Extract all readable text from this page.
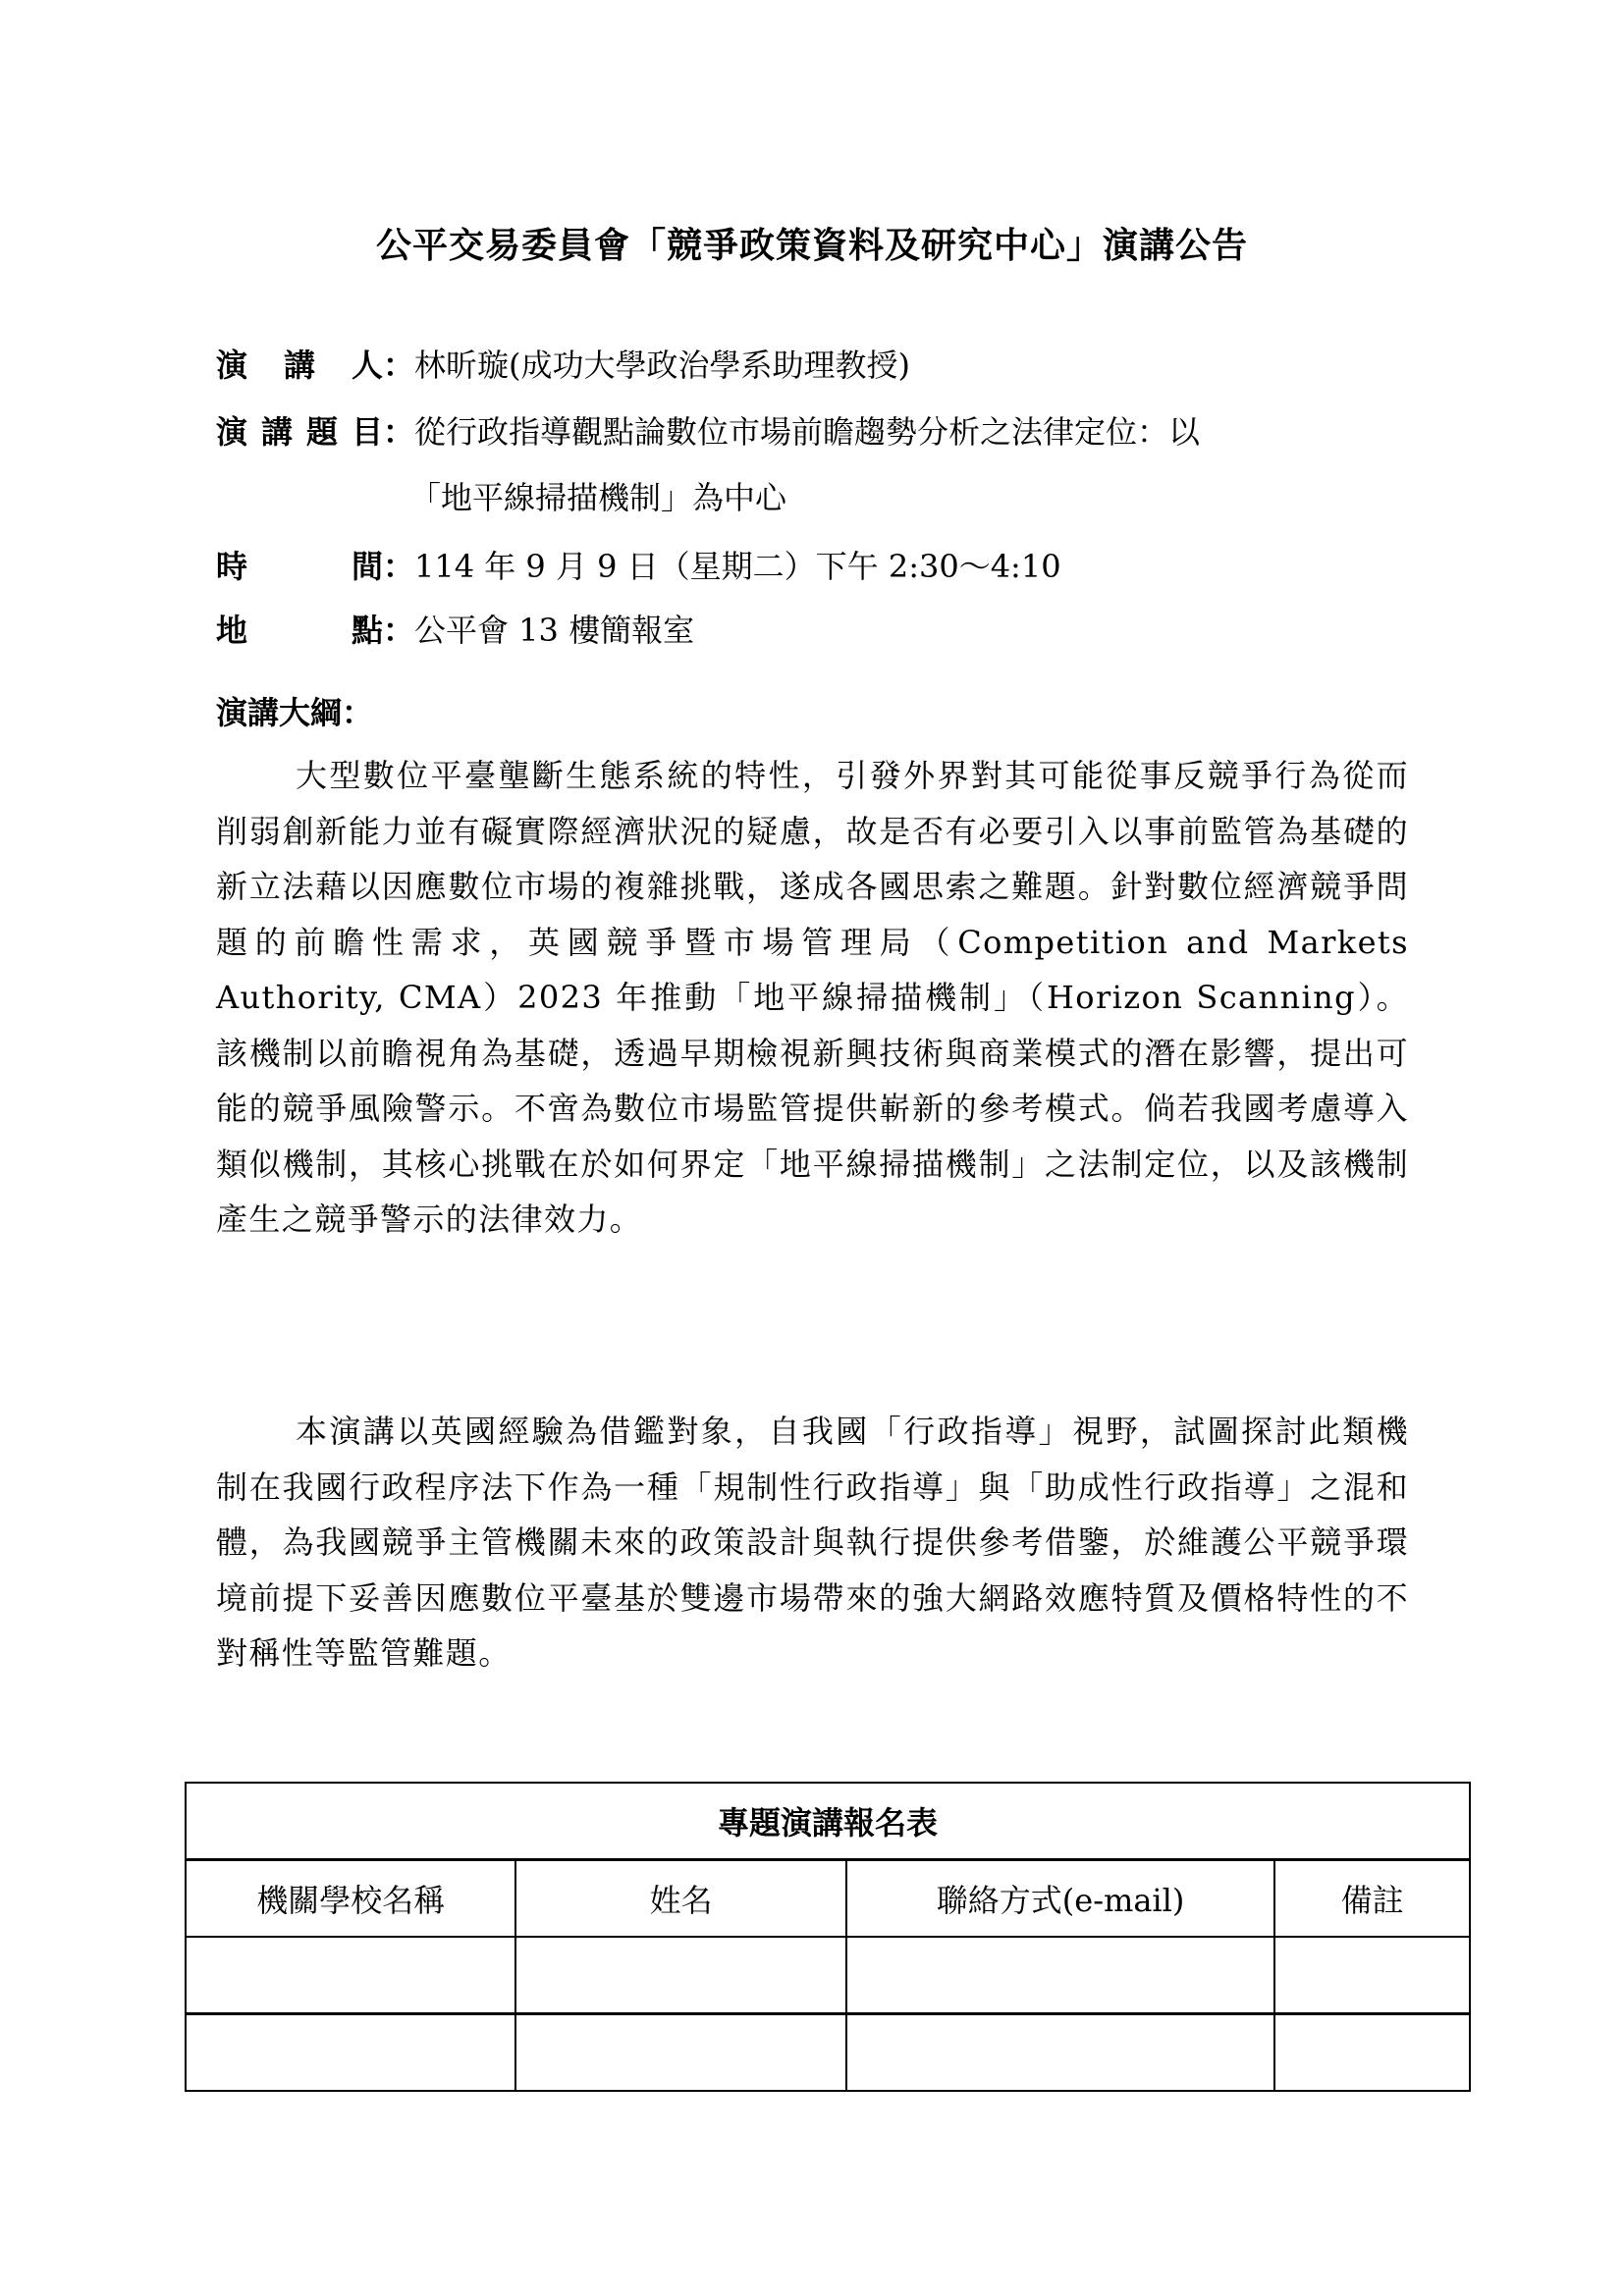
公平交易委員會「競爭政策資料及研究中心」演講公告
演 講 人 ： 林昕璇(成功大學政治學系助理教授)
演 講 題 目 ： 從行政指導觀點論數位市場前瞻趨勢分析之法律定位：以
「地平線掃描機制」為中心
時	間 ： 114 年 9 月 9 日（星期二）下午 2:30～4:10
地	點 ： 公平會 13 樓簡報室
演講大綱：

大型數位平臺壟斷生態系統的特性，引發外界對其可能從事反競爭行為從而削弱創新能力並有礙實際經濟狀況的疑慮，故是否有必要引入以事前監管為基礎的新立法藉以因應數位市場的複雜挑戰，遂成各國思索之難題。針對數位經濟競爭問題的前瞻性需求，英國競爭暨市場管理局（Competition and Markets Authority, CMA）2023 年推動「地平線掃描機制」（Horizon Scanning）。該機制以前瞻視角為基礎，透過早期檢視新興技術與商業模式的潛在影響，提出可能的競爭風險警示。不啻為數位市場監管提供嶄新的參考模式。倘若我國考慮導入類似機制，其核心挑戰在於如何界定「地平線掃描機制」之法制定位，以及該機制產生之競爭警示的法律效力。

本演講以英國經驗為借鑑對象，自我國「行政指導」視野，試圖探討此類機制在我國行政程序法下作為一種「規制性行政指導」與「助成性行政指導」之混和體，為我國競爭主管機關未來的政策設計與執行提供參考借鑒，於維護公平競爭環境前提下妥善因應數位平臺基於雙邊市場帶來的強大網路效應特質及價格特性的不對稱性等監管難題。

專題演講報名表			
機關學校名稱	姓名	聯絡方式(e-mail)	備註
